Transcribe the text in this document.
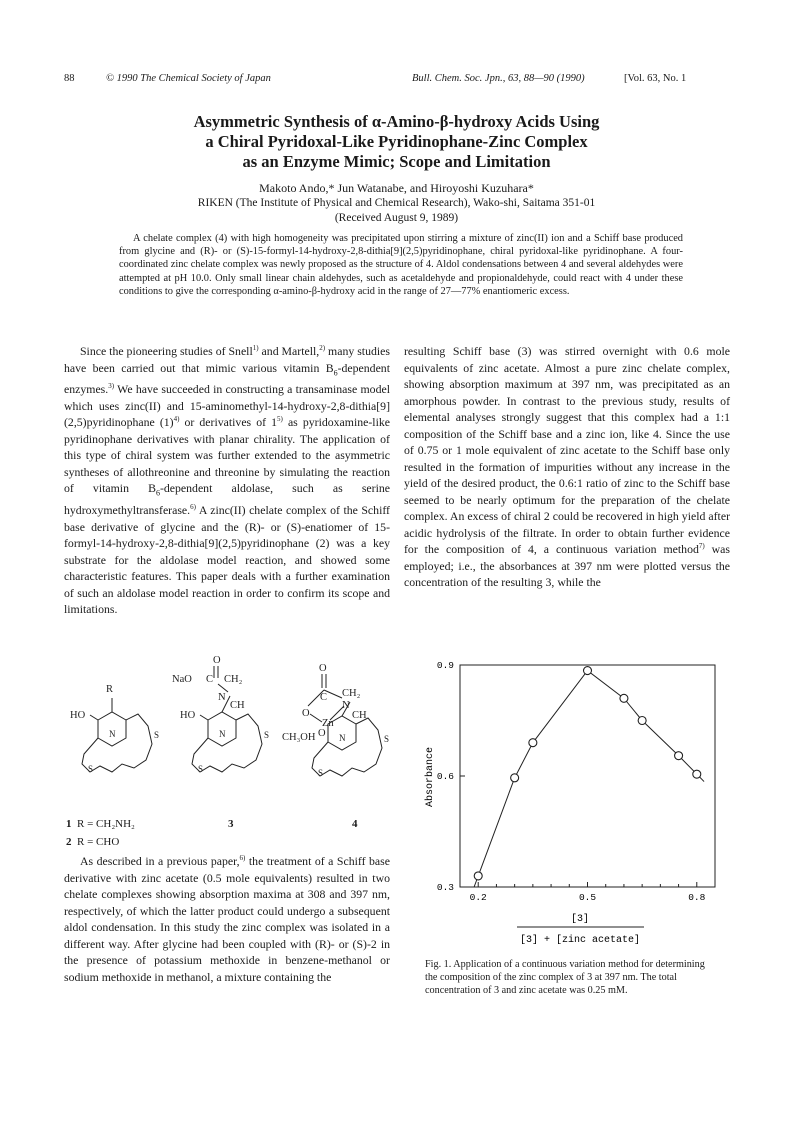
88	© 1990 The Chemical Society of Japan	Bull. Chem. Soc. Jpn., 63, 88—90 (1990)	[Vol. 63, No. 1
Asymmetric Synthesis of α-Amino-β-hydroxy Acids Using
a Chiral Pyridoxal-Like Pyridinophane-Zinc Complex
as an Enzyme Mimic; Scope and Limitation
Makoto Ando,* Jun Watanabe, and Hiroyoshi Kuzuhara*
RIKEN (The Institute of Physical and Chemical Research), Wako-shi, Saitama 351-01
(Received August 9, 1989)
A chelate complex (4) with high homogeneity was precipitated upon stirring a mixture of zinc(II) ion and a Schiff base produced from glycine and (R)- or (S)-15-formyl-14-hydroxy-2,8-dithia[9](2,5)pyridinophane, chiral pyridoxal-like pyridinophane. A four-coordinated zinc chelate complex was newly proposed as the structure of 4. Aldol condensations between 4 and several aldehydes were attempted at pH 10.0. Only small linear chain aldehydes, such as acetaldehyde and propionaldehyde, could react with 4 under these conditions to give the corresponding α-amino-β-hydroxy acid in the range of 27—77% enantiomeric excess.
Since the pioneering studies of Snell$^{1)}$ and Martell,$^{2)}$ many studies have been carried out that mimic various vitamin $B_6$-dependent enzymes.$^{3)}$ We have succeeded in constructing a transaminase model which uses zinc(II) and 15-aminomethyl-14-hydroxy-2,8-dithia[9](2,5)pyridinophane $(1)^{4)}$ or derivatives of 1$^{5)}$ as pyridoxamine-like pyridinophane derivatives with planar chirality. The application of this type of chiral system was further extended to the asymmetric syntheses of allothreonine and threonine by simulating the reaction of vitamin $B_6$-dependent aldolase, such as serine hydroxymethyltransferase.$^{6)}$ A zinc(II) chelate complex of the Schiff base derivative of glycine and the (R)- or (S)-enatiomer of 15-formyl-14-hydroxy-2,8-dithia[9](2,5)pyridinophane (2) was a key substrate for the aldolase model reaction, and showed some characteristic features. This paper deals with a further examination of such an aldolase model reaction in order to confirm its scope and limitations.
R
HO
N	S
S
O
NaO C CH₂
N
CH
HO
N	S
S
O
C CH₂
O
N
CH
Zn
CH₃OH O N	S
S
1 R = CH₂NH₂
2 R = CHO
3	4
As described in a previous paper,$^{6)}$ the treatment of a Schiff base derivative with zinc acetate (0.5 mole equivalents) resulted in two chelate complexes showing absorption maxima at 308 and 397 nm, respectively, of which the latter product could undergo a subsequent aldol condensation. In this study the zinc complex was isolated in a different way. After glycine had been coupled with (R)- or (S)-2 in the presence of potassium methoxide in benzene-methanol or sodium methoxide in methanol, a mixture containing the
resulting Schiff base (3) was stirred overnight with 0.6 mole equivalents of zinc acetate. Almost a pure zinc chelate complex, showing absorption maximum at 397 nm, was precipitated as an amorphous powder. In contrast to the previous study, results of elemental analyses strongly suggest that this complex had a 1:1 composition of the Schiff base and a zinc ion, like 4. Since the use of 0.75 or 1 mole equivalent of zinc acetate to the Schiff base only resulted in the formation of impurities without any increase in the yield of the desired product, the 0.6:1 ratio of zinc to the Schiff base seemed to be nearly optimum for the preparation of the chelate complex. An excess of chiral 2 could be recovered in high yield after acidic hydrolysis of the filtrate. In order to obtain further evidence for the composition of 4, a continuous variation method$^{7)}$ was employed; i.e., the absorbances at 397 nm were plotted versus the concentration of the resulting 3, while the
Absorbance
[3]
[3] + [zinc acetate]
0.2	0.5	0.8
0.3
0.6
0.9
Fig. 1. Application of a continuous variation method for determining the composition of the zinc complex of 3 at 397 nm. The total concentration of 3 and zinc acetate was 0.25 mM.
